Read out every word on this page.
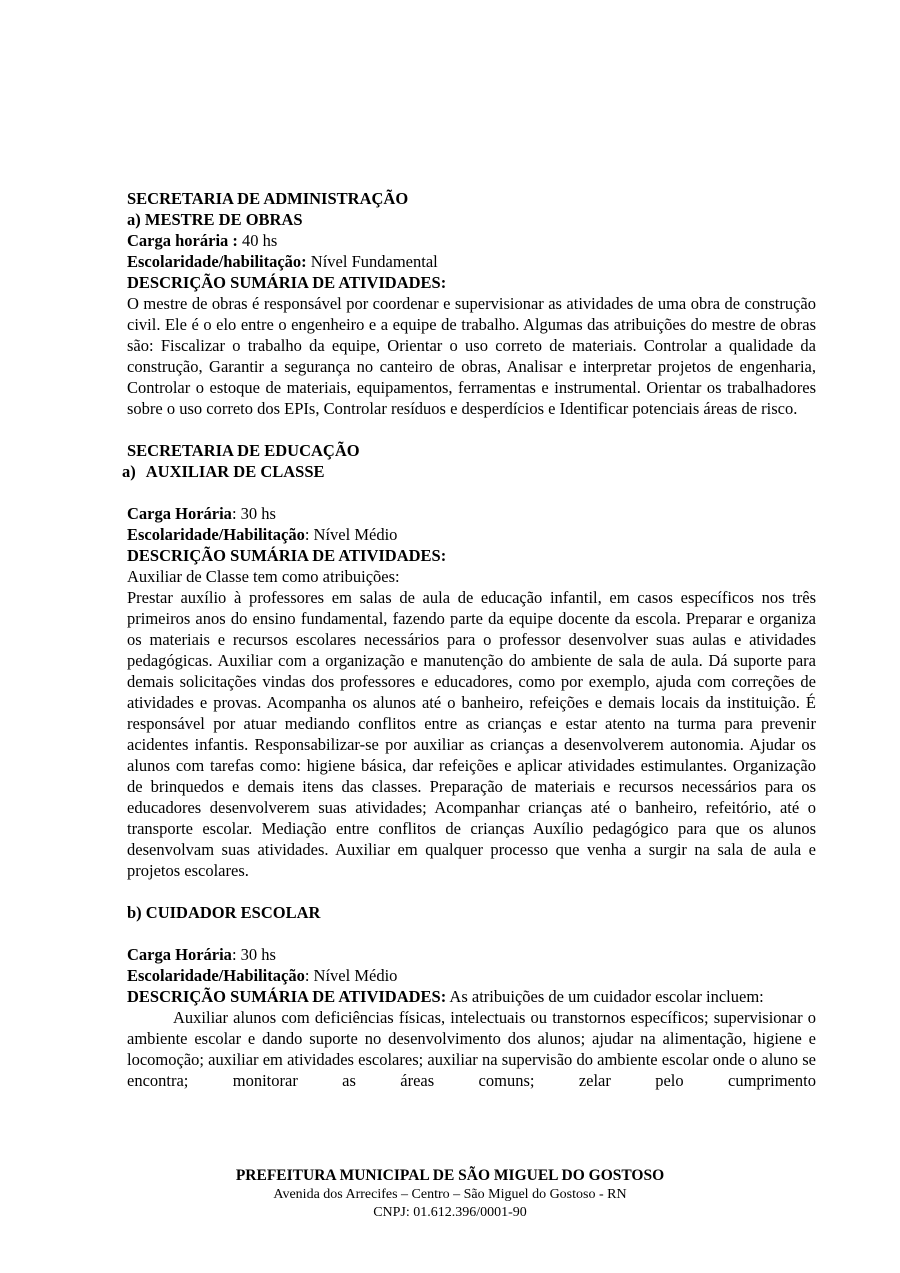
SECRETARIA DE ADMINISTRAÇÃO

a) MESTRE DE OBRAS

Carga horária : 40 hs

Escolaridade/habilitação: Nível Fundamental

DESCRIÇÃO SUMÁRIA DE ATIVIDADES:

O mestre de obras é responsável por coordenar e supervisionar as atividades de uma obra de construção civil. Ele é o elo entre o engenheiro e a equipe de trabalho. Algumas das atribuições do mestre de obras são: Fiscalizar o trabalho da equipe, Orientar o uso correto de materiais. Controlar a qualidade da construção, Garantir a segurança no canteiro de obras, Analisar e interpretar projetos de engenharia, Controlar o estoque de materiais, equipamentos, ferramentas e instrumental. Orientar os trabalhadores sobre o uso correto dos EPIs, Controlar resíduos e desperdícios e Identificar potenciais áreas de risco.

SECRETARIA DE EDUCAÇÃO

a) AUXILIAR DE CLASSE

Carga Horária: 30 hs

Escolaridade/Habilitação: Nível Médio

DESCRIÇÃO SUMÁRIA DE ATIVIDADES:

Auxiliar de Classe tem como atribuições:

Prestar auxílio à professores em salas de aula de educação infantil, em casos específicos nos três primeiros anos do ensino fundamental, fazendo parte da equipe docente da escola. Preparar e organiza os materiais e recursos escolares necessários para o professor desenvolver suas aulas e atividades pedagógicas. Auxiliar com a organização e manutenção do ambiente de sala de aula. Dá suporte para demais solicitações vindas dos professores e educadores, como por exemplo, ajuda com correções de atividades e provas. Acompanha os alunos até o banheiro, refeições e demais locais da instituição. É responsável por atuar mediando conflitos entre as crianças e estar atento na turma para prevenir acidentes infantis. Responsabilizar-se por auxiliar as crianças a desenvolverem autonomia. Ajudar os alunos com tarefas como: higiene básica, dar refeições e aplicar atividades estimulantes. Organização de brinquedos e demais itens das classes. Preparação de materiais e recursos necessários para os educadores desenvolverem suas atividades; Acompanhar crianças até o banheiro, refeitório, até o transporte escolar. Mediação entre conflitos de crianças Auxílio pedagógico para que os alunos desenvolvam suas atividades. Auxiliar em qualquer processo que venha a surgir na sala de aula e projetos escolares.

b) CUIDADOR ESCOLAR

Carga Horária: 30 hs

Escolaridade/Habilitação: Nível Médio

DESCRIÇÃO SUMÁRIA DE ATIVIDADES: As atribuições de um cuidador escolar incluem:

Auxiliar alunos com deficiências físicas, intelectuais ou transtornos específicos; supervisionar o ambiente escolar e dando suporte no desenvolvimento dos alunos; ajudar na alimentação, higiene e locomoção; auxiliar em atividades escolares; auxiliar na supervisão do ambiente escolar onde o aluno se encontra; monitorar as áreas comuns; zelar pelo cumprimento

PREFEITURA MUNICIPAL DE SÃO MIGUEL DO GOSTOSO

Avenida dos Arrecifes – Centro – São Miguel do Gostoso - RN

CNPJ: 01.612.396/0001-90
